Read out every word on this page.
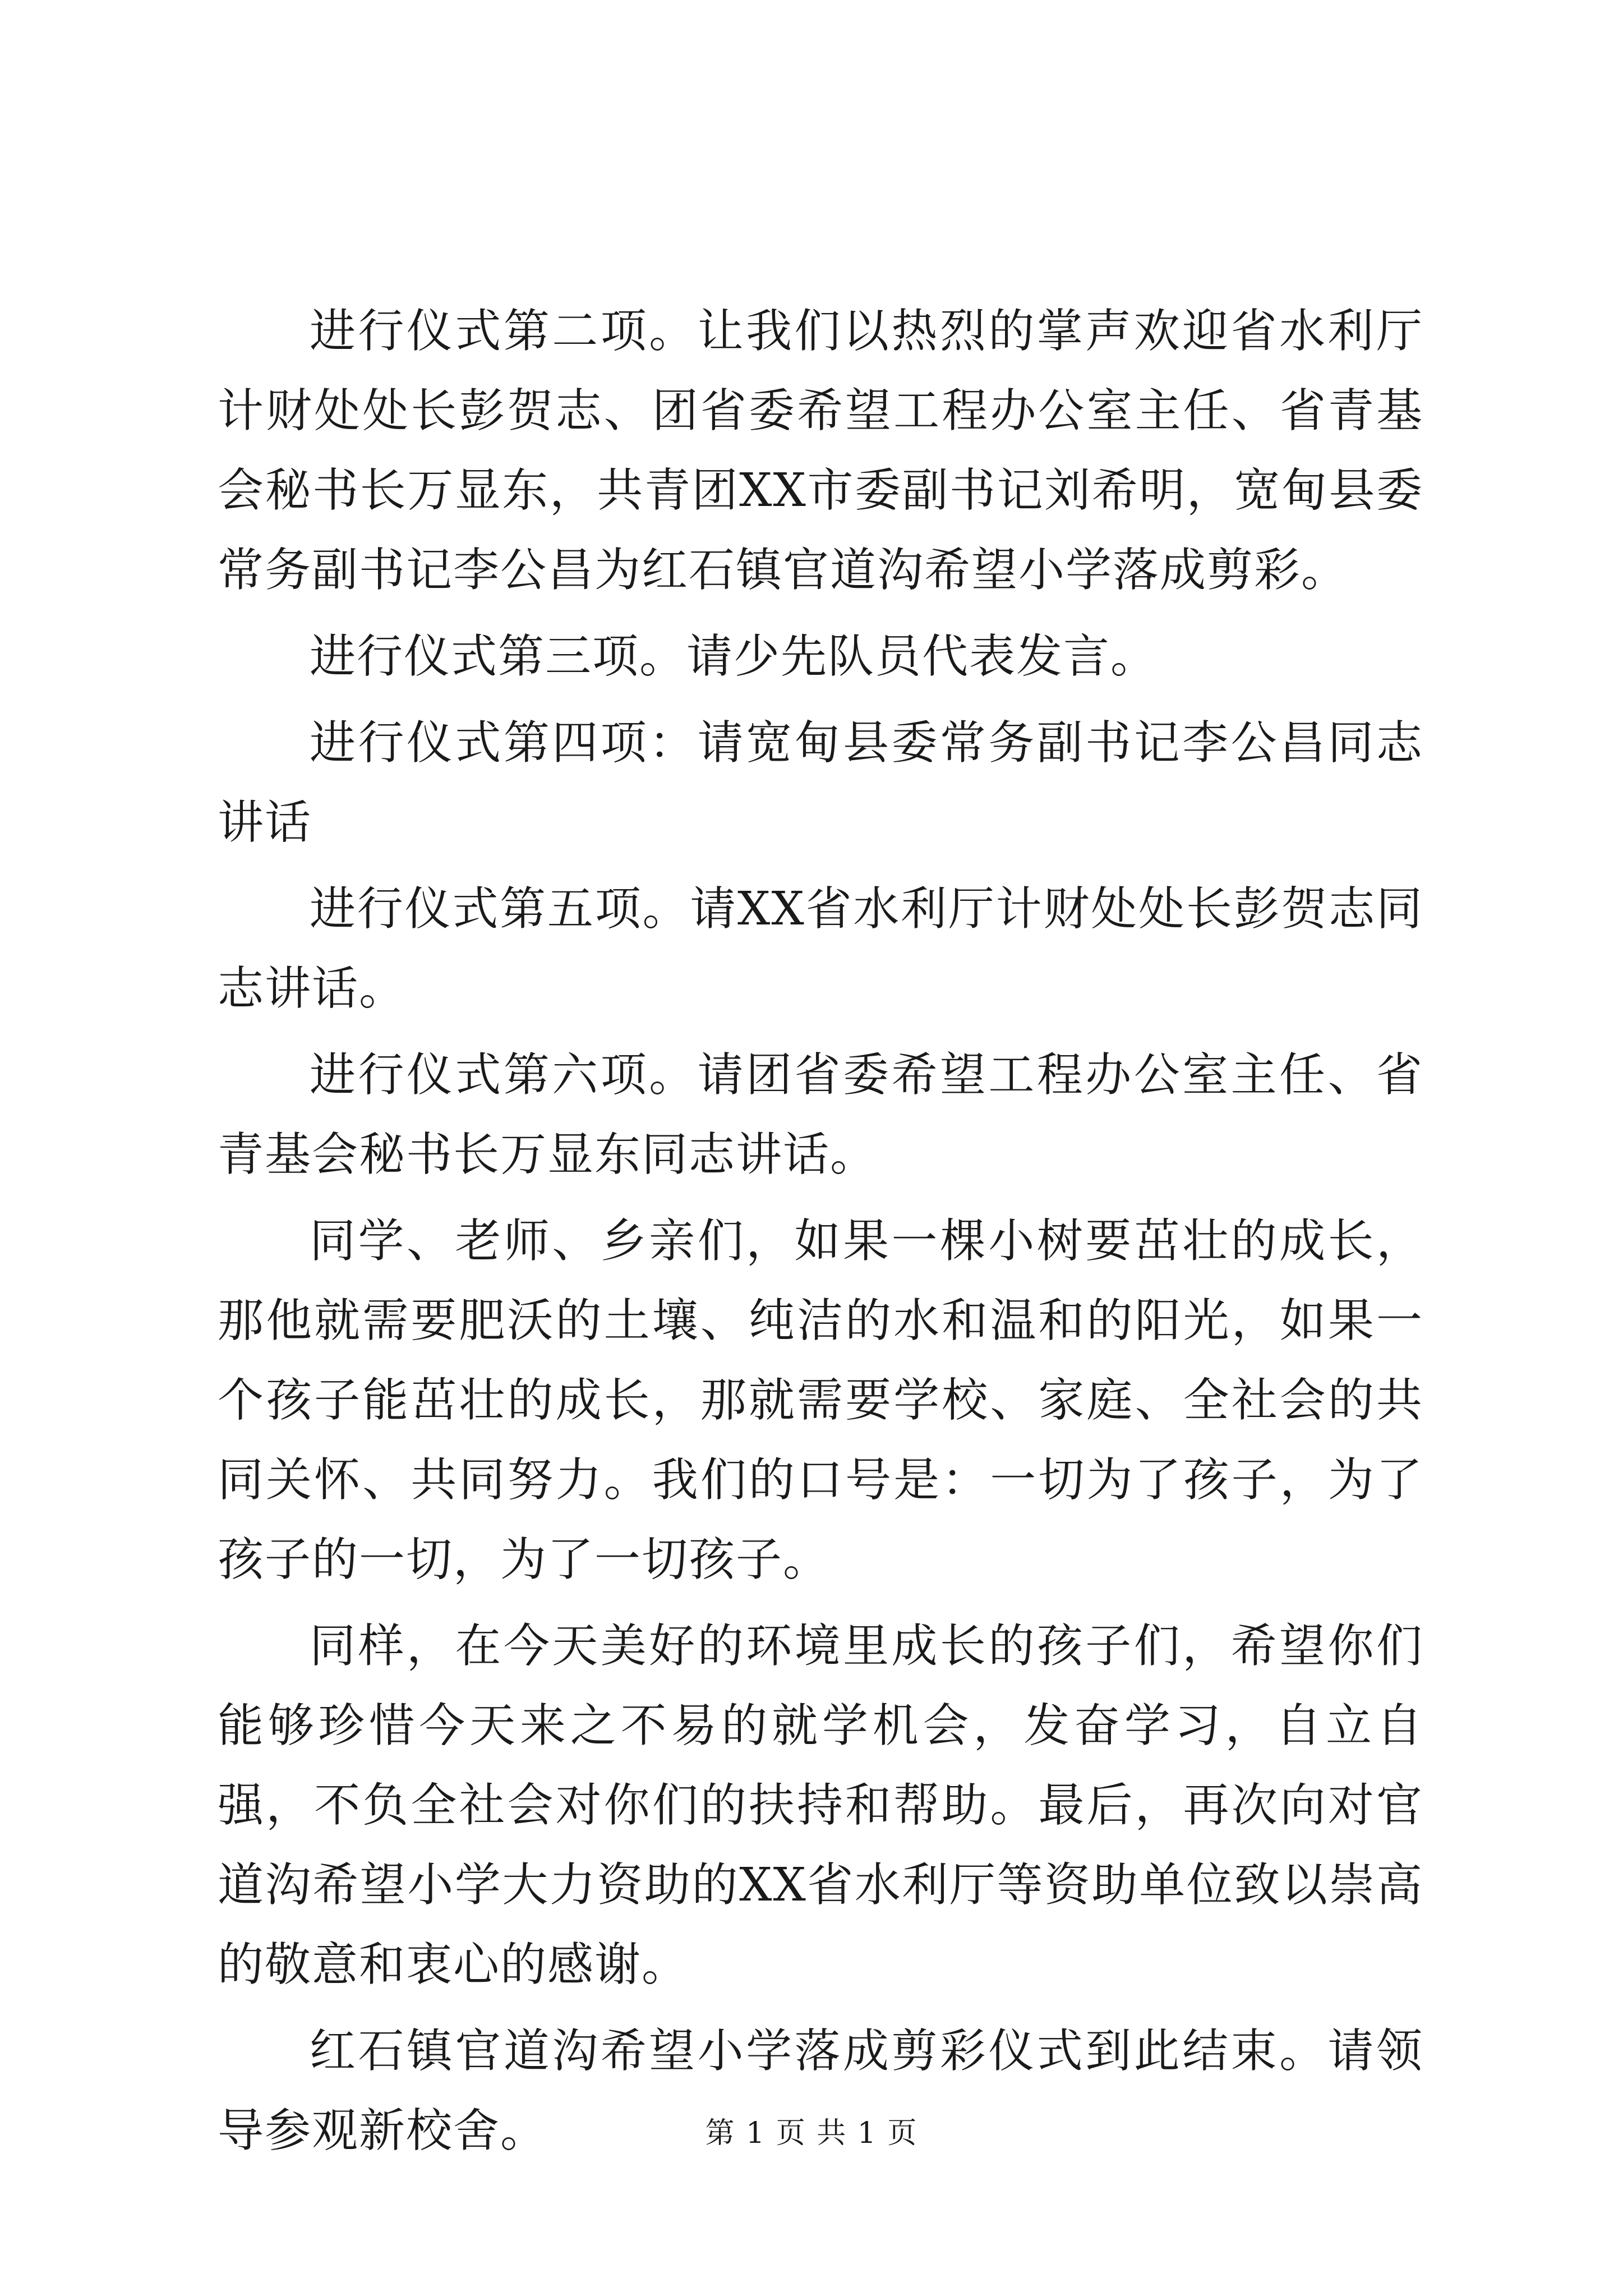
进行仪式第二项。让我们以热烈的掌声欢迎省水利厅计财处处长彭贺志、团省委希望工程办公室主任、省青基会秘书长万显东，共青团XX市委副书记刘希明，宽甸县委常务副书记李公昌为红石镇官道沟希望小学落成剪彩。

进行仪式第三项。请少先队员代表发言。

进行仪式第四项：请宽甸县委常务副书记李公昌同志讲话

进行仪式第五项。请XX省水利厅计财处处长彭贺志同志讲话。

进行仪式第六项。请团省委希望工程办公室主任、省青基会秘书长万显东同志讲话。

同学、老师、乡亲们，如果一棵小树要茁壮的成长，那他就需要肥沃的土壤、纯洁的水和温和的阳光，如果一个孩子能茁壮的成长，那就需要学校、家庭、全社会的共同关怀、共同努力。我们的口号是：一切为了孩子，为了孩子的一切，为了一切孩子。

同样，在今天美好的环境里成长的孩子们，希望你们能够珍惜今天来之不易的就学机会，发奋学习，自立自强，不负全社会对你们的扶持和帮助。最后，再次向对官道沟希望小学大力资助的XX省水利厅等资助单位致以崇高的敬意和衷心的感谢。

红石镇官道沟希望小学落成剪彩仪式到此结束。请领导参观新校舍。	第 1 页 共 1 页
